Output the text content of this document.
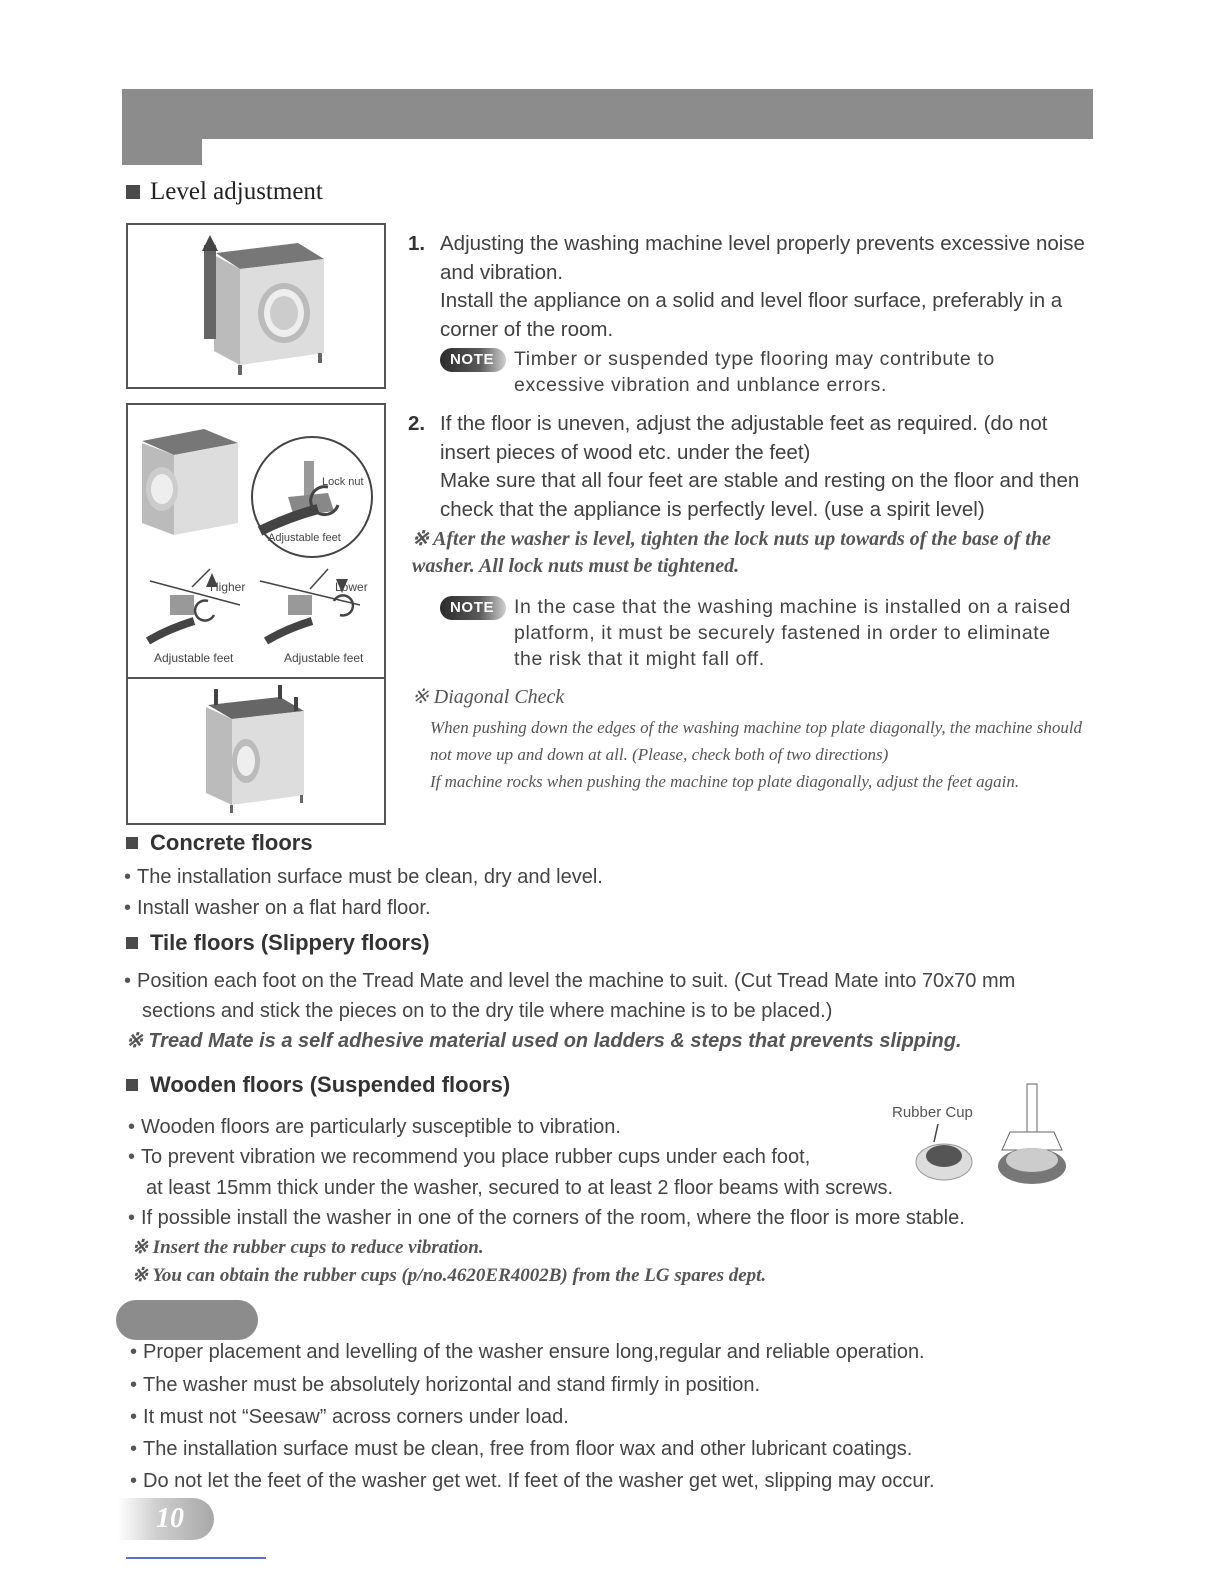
Level adjustment
Lock nut
Adjustable feet
Higher	Lower
Adjustable feet	Adjustable feet
1. Adjusting the washing machine level properly prevents excessive noise and vibration.
Install the appliance on a solid and level floor surface, preferably in a corner of the room.
NOTE	Timber or suspended type flooring may contribute to excessive vibration and unblance errors.
2. If the floor is uneven, adjust the adjustable feet as required. (do not insert pieces of wood etc. under the feet)
Make sure that all four feet are stable and resting on the floor and then check that the appliance is perfectly level. (use a spirit level)
※ After the washer is level, tighten the lock nuts up towards of the base of the washer. All lock nuts must be tightened.
NOTE	In the case that the washing machine is installed on a raised platform, it must be securely fastened in order to eliminate the risk that it might fall off.
※ Diagonal Check
When pushing down the edges of the washing machine top plate diagonally, the machine should not move up and down at all. (Please, check both of two directions)
If machine rocks when pushing the machine top plate diagonally, adjust the feet again.
Concrete floors
• The installation surface must be clean, dry and level.
• Install washer on a flat hard floor.
Tile floors (Slippery floors)
• Position each foot on the Tread Mate and level the machine to suit. (Cut Tread Mate into 70x70 mm
sections and stick the pieces on to the dry tile where machine is to be placed.)
※ Tread Mate is a self adhesive material used on ladders & steps that prevents slipping.
Wooden floors (Suspended floors)
• Wooden floors are particularly susceptible to vibration.
• To prevent vibration we recommend you place rubber cups under each foot,
at least 15mm thick under the washer, secured to at least 2 floor beams with screws.
• If possible install the washer in one of the corners of the room, where the floor is more stable.
※ Insert the rubber cups to reduce vibration.
※ You can obtain the rubber cups (p/no.4620ER4002B) from the LG spares dept.
Rubber Cup
• Proper placement and levelling of the washer ensure long,regular and reliable operation.
• The washer must be absolutely horizontal and stand firmly in position.
• It must not “Seesaw” across corners under load.
• The installation surface must be clean, free from floor wax and other lubricant coatings.
• Do not let the feet of the washer get wet. If feet of the washer get wet, slipping may occur.
10
